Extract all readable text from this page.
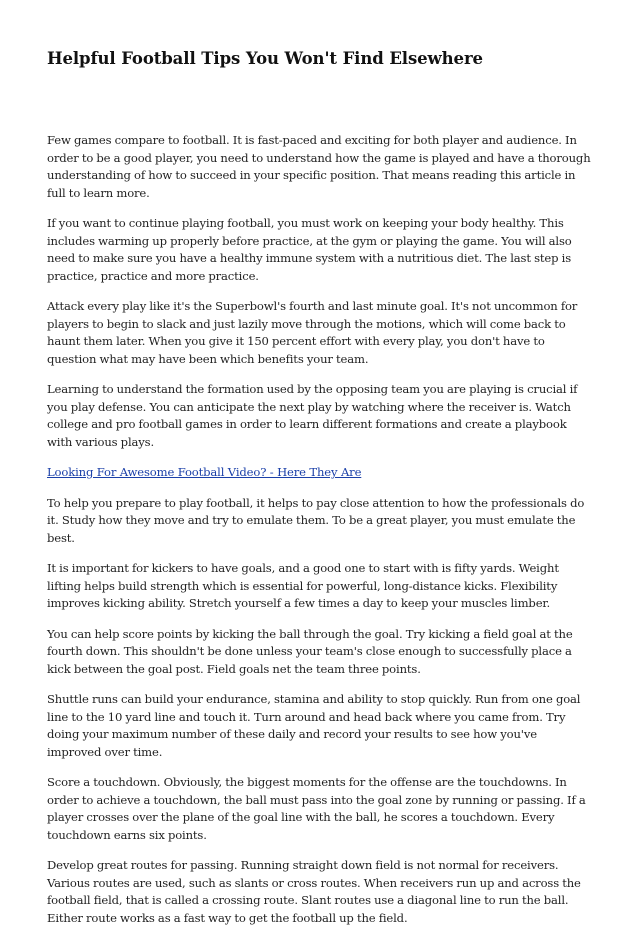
Helpful Football Tips You Won't Find Elsewhere

Few games compare to football. It is fast-paced and exciting for both player and audience. In order to be a good player, you need to understand how the game is played and have a thorough understanding of how to succeed in your specific position. That means reading this article in full to learn more.

If you want to continue playing football, you must work on keeping your body healthy. This includes warming up properly before practice, at the gym or playing the game. You will also need to make sure you have a healthy immune system with a nutritious diet. The last step is practice, practice and more practice.

Attack every play like it's the Superbowl's fourth and last minute goal. It's not uncommon for players to begin to slack and just lazily move through the motions, which will come back to haunt them later. When you give it 150 percent effort with every play, you don't have to question what may have been which benefits your team.

Learning to understand the formation used by the opposing team you are playing is crucial if you play defense. You can anticipate the next play by watching where the receiver is. Watch college and pro football games in order to learn different formations and create a playbook with various plays.

Looking For Awesome Football Video? - Here They Are

To help you prepare to play football, it helps to pay close attention to how the professionals do it. Study how they move and try to emulate them. To be a great player, you must emulate the best.

It is important for kickers to have goals, and a good one to start with is fifty yards. Weight lifting helps build strength which is essential for powerful, long-distance kicks. Flexibility improves kicking ability. Stretch yourself a few times a day to keep your muscles limber.

You can help score points by kicking the ball through the goal. Try kicking a field goal at the fourth down. This shouldn't be done unless your team's close enough to successfully place a kick between the goal post. Field goals net the team three points.

Shuttle runs can build your endurance, stamina and ability to stop quickly. Run from one goal line to the 10 yard line and touch it. Turn around and head back where you came from. Try doing your maximum number of these daily and record your results to see how you've improved over time.

Score a touchdown. Obviously, the biggest moments for the offense are the touchdowns. In order to achieve a touchdown, the ball must pass into the goal zone by running or passing. If a player crosses over the plane of the goal line with the ball, he scores a touchdown. Every touchdown earns six points.

Develop great routes for passing. Running straight down field is not normal for receivers. Various routes are used, such as slants or cross routes. When receivers run up and across the football field, that is called a crossing route. Slant routes use a diagonal line to run the ball. Either route works as a fast way to get the football up the field.
